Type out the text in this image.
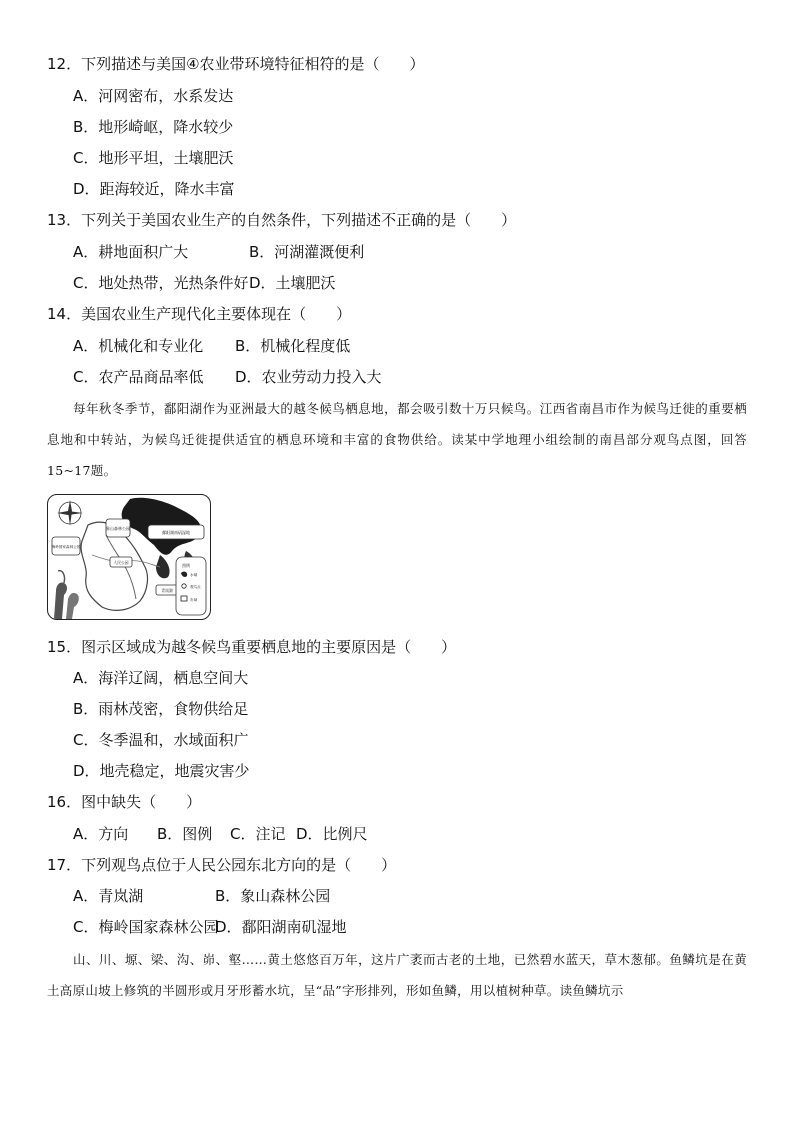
12．下列描述与美国④农业带环境特征相符的是（　　）
A．河网密布，水系发达
B．地形崎岖，降水较少
C．地形平坦，土壤肥沃
D．距海较近，降水丰富
13．下列关于美国农业生产的自然条件，下列描述不正确的是（　　）
A．耕地面积广大	B．河湖灌溉便利
C．地处热带，光热条件好 D．土壤肥沃
14．美国农业生产现代化主要体现在（　　）
A．机械化和专业化 B．机械化程度低
C．农产品商品率低 D．农业劳动力投入大
每年秋冬季节，鄱阳湖作为亚洲最大的越冬候鸟栖息地，都会吸引数十万只候鸟。江西省南昌市作为候鸟迁徙的重要栖息地和中转站，为候鸟迁徙提供适宜的栖息环境和丰富的食物供给。读某中学地理小组绘制的南昌部分观鸟点图，回答15~17题。
象山森林公园
梅岭国家森林公园
鄱阳湖南矶湿地
人民公园
青岚湖
图例
水域
观鸟点
市域
15．图示区域成为越冬候鸟重要栖息地的主要原因是（　　）
A．海洋辽阔，栖息空间大
B．雨林茂密，食物供给足
C．冬季温和，水域面积广
D．地壳稳定，地震灾害少
16．图中缺失（　　）
A．方向 B．图例 C．注记 D．比例尺
17．下列观鸟点位于人民公园东北方向的是（　　）
A．青岚湖	B．象山森林公园
C．梅岭国家森林公园
D．鄱阳湖南矶湿地
山、川、塬、梁、沟、峁、壑……黄土悠悠百万年，这片广袤而古老的土地，已然碧水蓝天，草木葱郁。鱼鳞坑是在黄土高原山坡上修筑的半圆形或月牙形蓄水坑，呈“品”字形排列，形如鱼鳞，用以植树种草。读鱼鳞坑示
